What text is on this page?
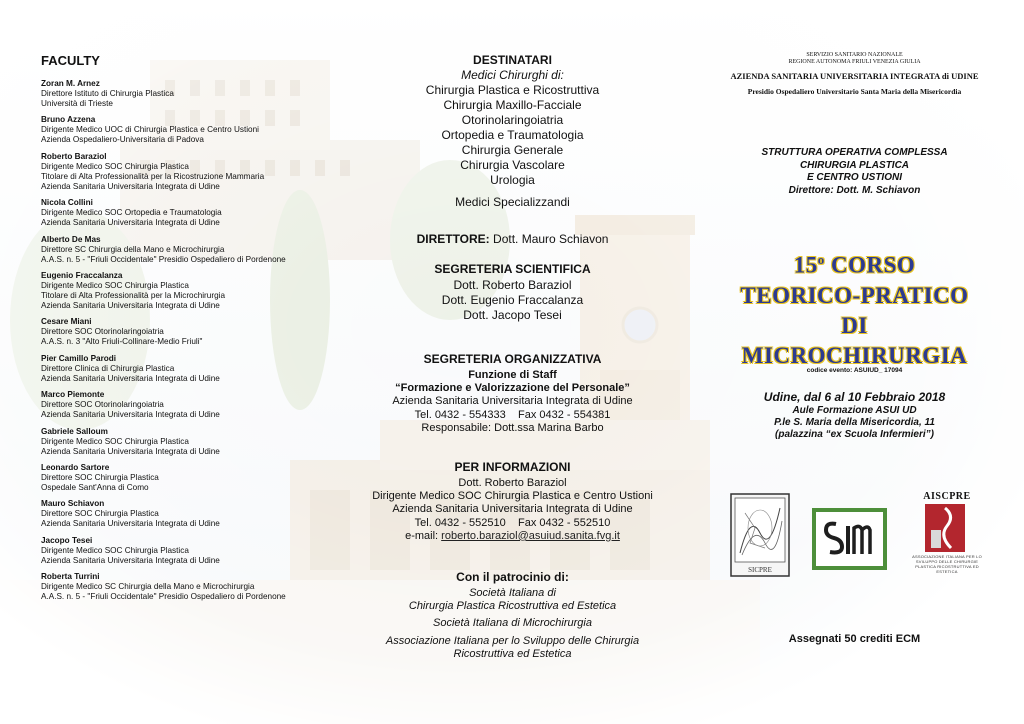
FACULTY
Zoran M. Arnez
Direttore Istituto di Chirurgia Plastica
Università di Trieste
Bruno Azzena
Dirigente Medico UOC di Chirurgia Plastica e Centro Ustioni
Azienda Ospedaliero-Universitaria di Padova
Roberto Baraziol
Dirigente Medico SOC Chirurgia Plastica
Titolare di Alta Professionalità per la Ricostruzione Mammaria
Azienda Sanitaria Universitaria Integrata di Udine
Nicola Collini
Dirigente Medico SOC Ortopedia e Traumatologia
Azienda Sanitaria Universitaria Integrata di Udine
Alberto De Mas
Direttore SC Chirurgia della Mano e Microchirurgia
A.A.S. n. 5 - "Friuli Occidentale" Presidio Ospedaliero di Pordenone
Eugenio Fraccalanza
Dirigente Medico SOC Chirurgia Plastica
Titolare di Alta Professionalità per la Microchirurgia
Azienda Sanitaria Universitaria Integrata di Udine
Cesare Miani
Direttore SOC Otorinolaringoiatria
A.A.S. n. 3 "Alto Friuli-Collinare-Medio Friuli"
Pier Camillo Parodi
Direttore Clinica di Chirurgia Plastica
Azienda Sanitaria Universitaria Integrata di Udine
Marco Piemonte
Direttore SOC Otorinolaringoiatria
Azienda Sanitaria Universitaria Integrata di Udine
Gabriele Salloum
Dirigente Medico SOC Chirurgia Plastica
Azienda Sanitaria Universitaria Integrata di Udine
Leonardo Sartore
Direttore SOC Chirurgia Plastica
Ospedale Sant'Anna di Como
Mauro Schiavon
Direttore SOC Chirurgia Plastica
Azienda Sanitaria Universitaria Integrata di Udine
Jacopo Tesei
Dirigente Medico SOC Chirurgia Plastica
Azienda Sanitaria Universitaria Integrata di Udine
Roberta Turrini
Dirigente Medico SC Chirurgia della Mano e Microchirurgia
A.A.S. n. 5 - "Friuli Occidentale" Presidio Ospedaliero di Pordenone
DESTINATARI
Medici Chirurghi di:
Chirurgia Plastica e Ricostruttiva
Chirurgia Maxillo-Facciale
Otorinolaringoiatria
Ortopedia e Traumatologia
Chirurgia Generale
Chirurgia Vascolare
Urologia
Medici Specializzandi
DIRETTORE: Dott. Mauro Schiavon
SEGRETERIA SCIENTIFICA
Dott. Roberto Baraziol
Dott. Eugenio Fraccalanza
Dott. Jacopo Tesei
SEGRETERIA ORGANIZZATIVA
Funzione di Staff
“Formazione e Valorizzazione del Personale”
Azienda Sanitaria Universitaria Integrata di Udine
Tel. 0432 - 554333    Fax 0432 - 554381
Responsabile: Dott.ssa Marina Barbo
PER INFORMAZIONI
Dott. Roberto Baraziol
Dirigente Medico SOC Chirurgia Plastica e Centro Ustioni
Azienda Sanitaria Universitaria Integrata di Udine
Tel. 0432 - 552510    Fax 0432 - 552510
e-mail: roberto.baraziol@asuiud.sanita.fvg.it
Con il patrocinio di:
Società Italiana di
Chirurgia Plastica Ricostruttiva ed Estetica
Società Italiana di Microchirurgia
Associazione Italiana per lo Sviluppo delle Chirurgia
Ricostruttiva ed Estetica
SERVIZIO SANITARIO NAZIONALE
REGIONE AUTONOMA FRIULI VENEZIA GIULIA
AZIENDA SANITARIA UNIVERSITARIA INTEGRATA di UDINE
Presidio Ospedaliero Universitario Santa Maria della Misericordia
STRUTTURA OPERATIVA COMPLESSA
CHIRURGIA PLASTICA
E CENTRO USTIONI
Direttore: Dott. M. Schiavon
15$^o$ CORSO
TEORICO-PRATICO
DI
MICROCHIRURGIA
codice evento: ASUIUD_ 17094
Udine, dal 6 al 10 Febbraio 2018
Aule Formazione ASUI UD
P.le S. Maria della Misericordia, 11
(palazzina “ex Scuola Infermieri”)
SICPRE
AISCPRE
ASSOCIAZIONE ITALIANA PER LO SVILUPPO DELLE CHIRURGIE PLASTICA RICOSTRUTTIVA ED ESTETICA
Assegnati 50 crediti ECM
